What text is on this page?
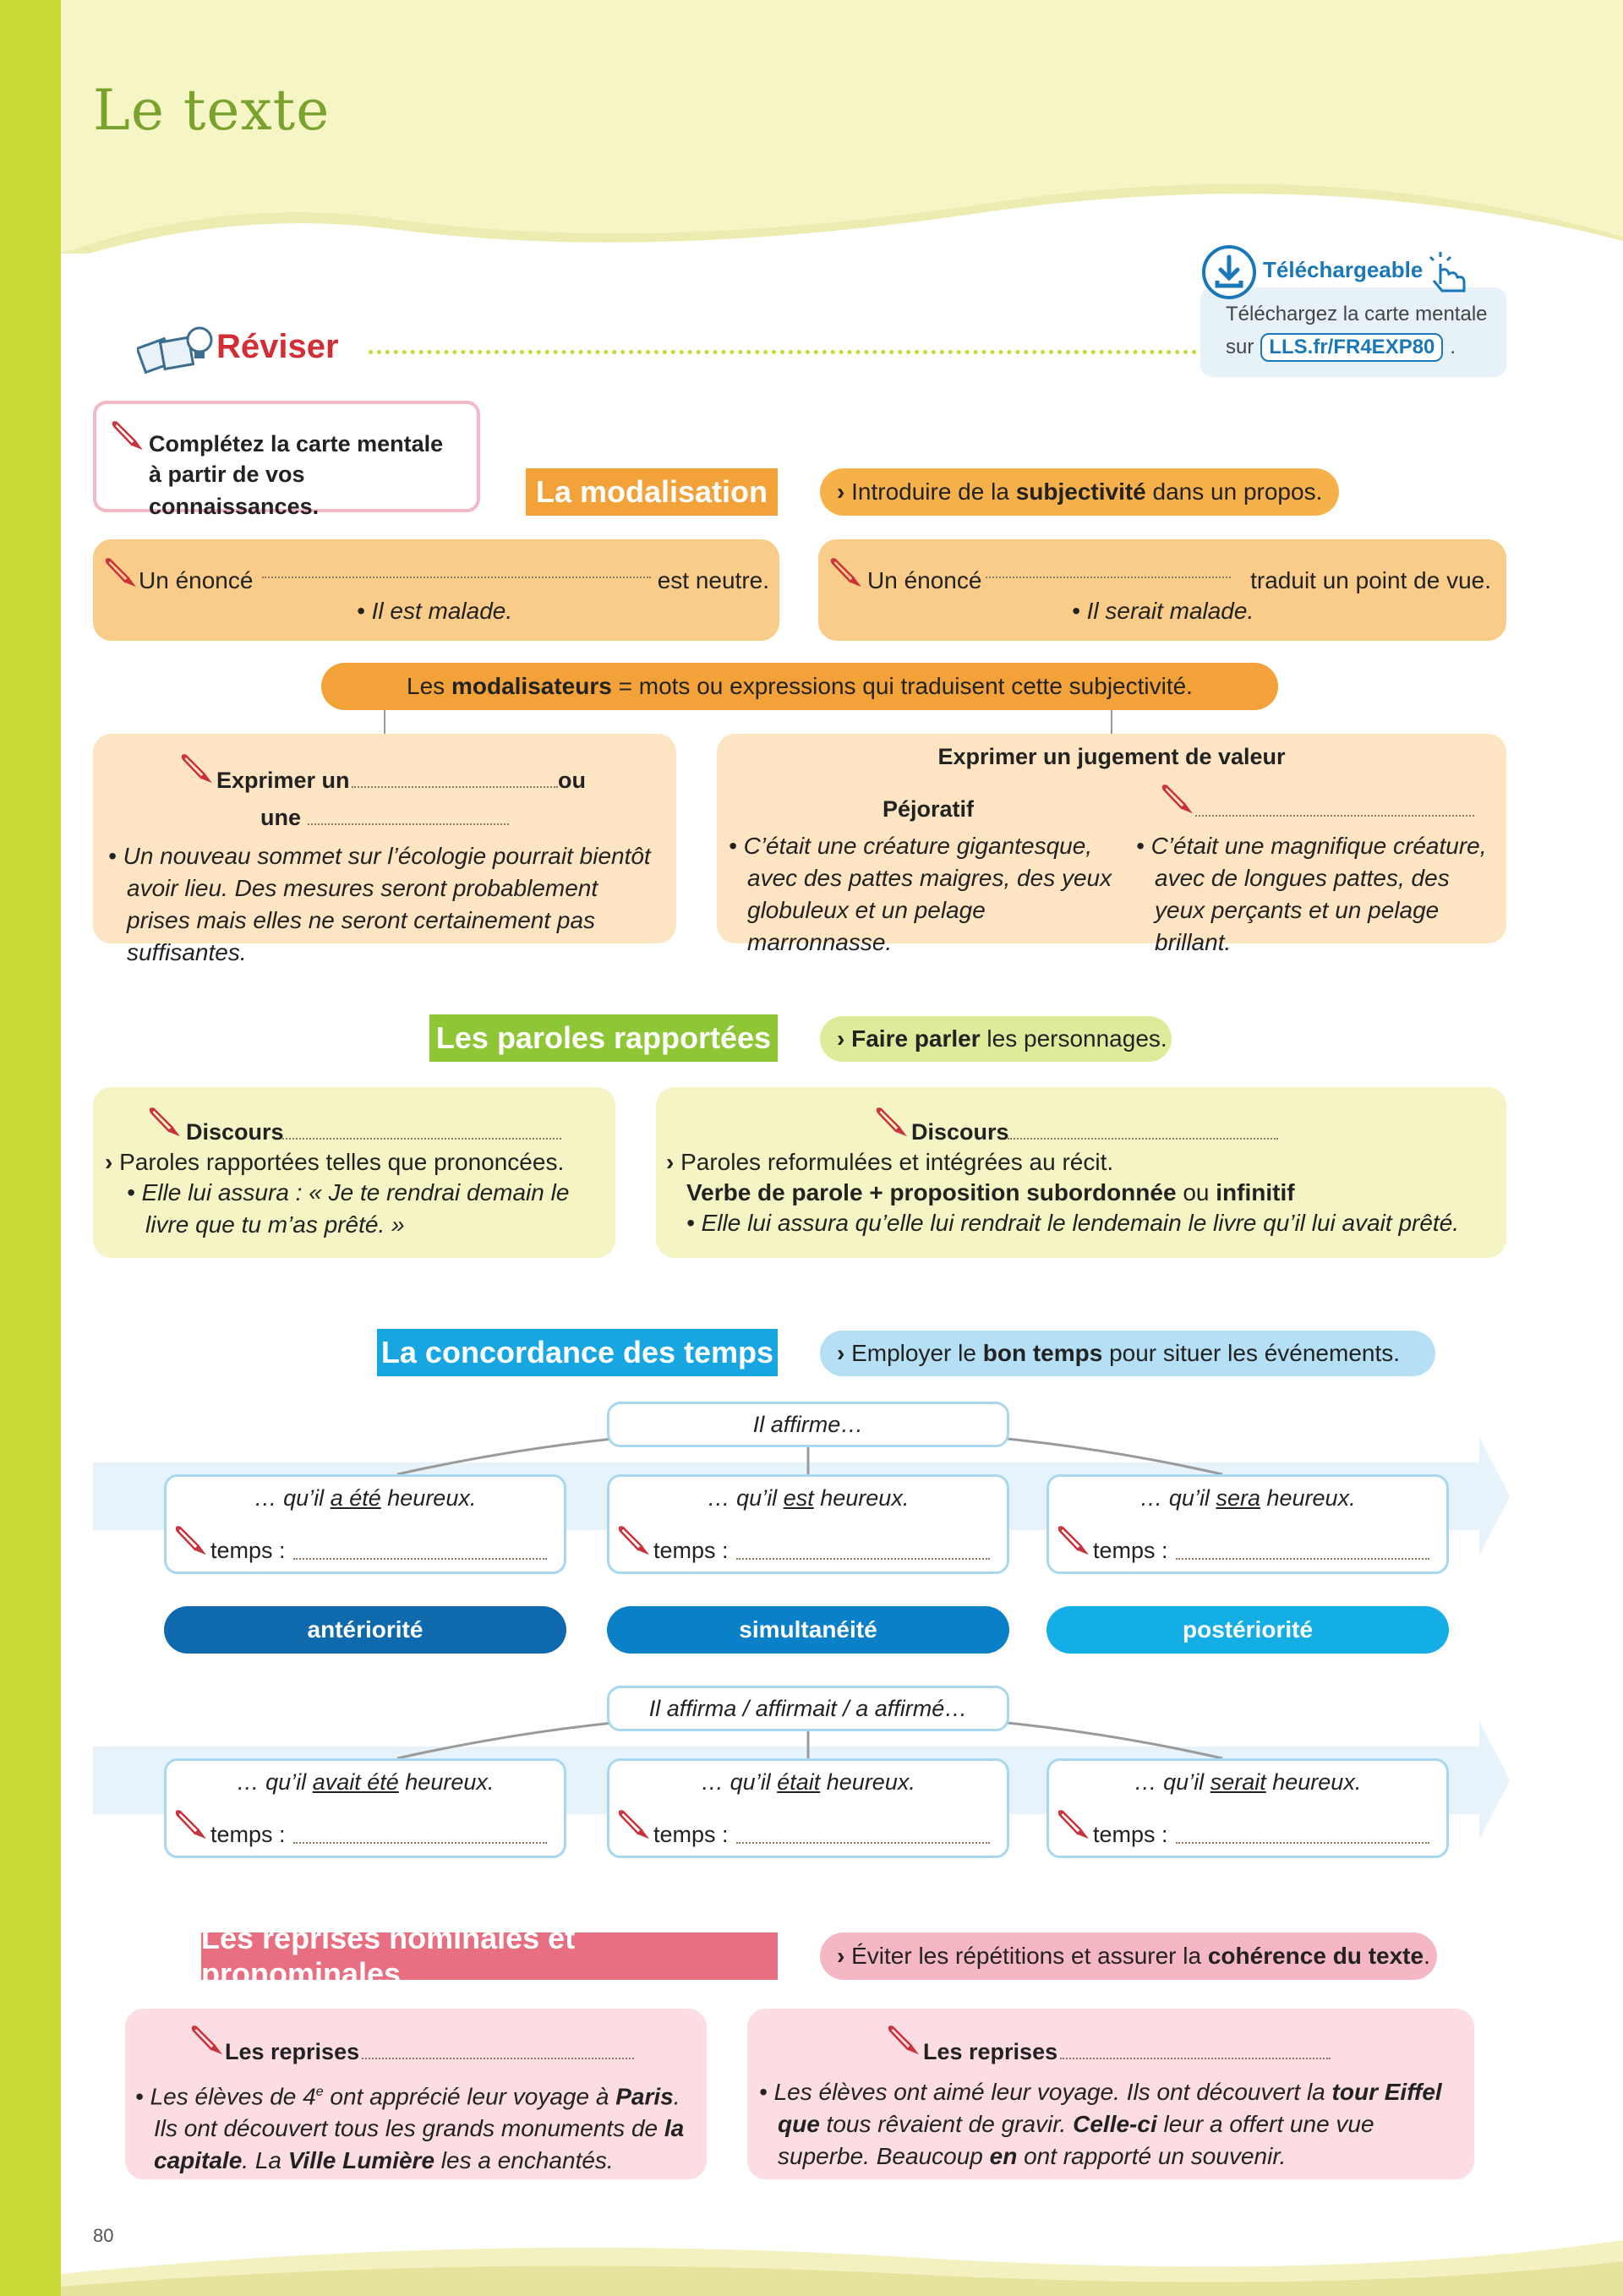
Le texte
Téléchargeable
Téléchargez la carte mentale
sur LLS.fr/FR4EXP80 .
Réviser
Complétez la carte mentale
à partir de vos connaissances.	La modalisation	› Introduire de la
subjectivité
dans un propos.
Un énoncé	est neutre.
• Il est malade.
Un énoncé	traduit un point de vue.
• Il serait malade.
Les
modalisateurs
= mots ou expressions qui traduisent cette subjectivité.
Exprimer un	ou
une
• Un nouveau sommet sur l’écologie pourrait bientôt avoir lieu. Des mesures seront probablement prises mais elles ne seront certainement pas suffisantes.
Exprimer un jugement de valeur
Péjoratif
• C’était une créature gigantesque, avec des pattes maigres, des yeux globuleux et un pelage marronnasse.
• C’était une magnifique créature, avec de longues pattes, des yeux perçants et un pelage brillant.
Les paroles rapportées	› Faire parler
les personnages.
Discours
› Paroles rapportées telles que prononcées.
• Elle lui assura : « Je te rendrai demain le livre que tu m’as prêté. »
Discours
› Paroles reformulées et intégrées au récit.
Verbe de parole + proposition subordonnée ou infinitif
• Elle lui assura qu’elle lui rendrait le lendemain le livre qu’il lui avait prêté.
La concordance des temps	› Employer le
bon temps
pour situer les événements.
Il affirme…
… qu’il a été heureux.
temps :
… qu’il est heureux.
temps :
… qu’il sera heureux.
temps :
antériorité	simultanéité	postériorité
Il affirma / affirmait / a affirmé…
… qu’il avait été heureux.
temps :
… qu’il était heureux.
temps :
… qu’il serait heureux.
temps :
Les reprises nominales et pronominales
› Éviter les répétitions et assurer la
cohérence du texte .
Les reprises
• Les élèves de 4e ont apprécié leur voyage à Paris. Ils ont découvert tous les grands monuments de la capitale. La Ville Lumière les a enchantés.
Les reprises
• Les élèves ont aimé leur voyage. Ils ont découvert la tour Eiffel que tous rêvaient de gravir. Celle-ci leur a offert une vue superbe. Beaucoup en ont rapporté un souvenir.
80
